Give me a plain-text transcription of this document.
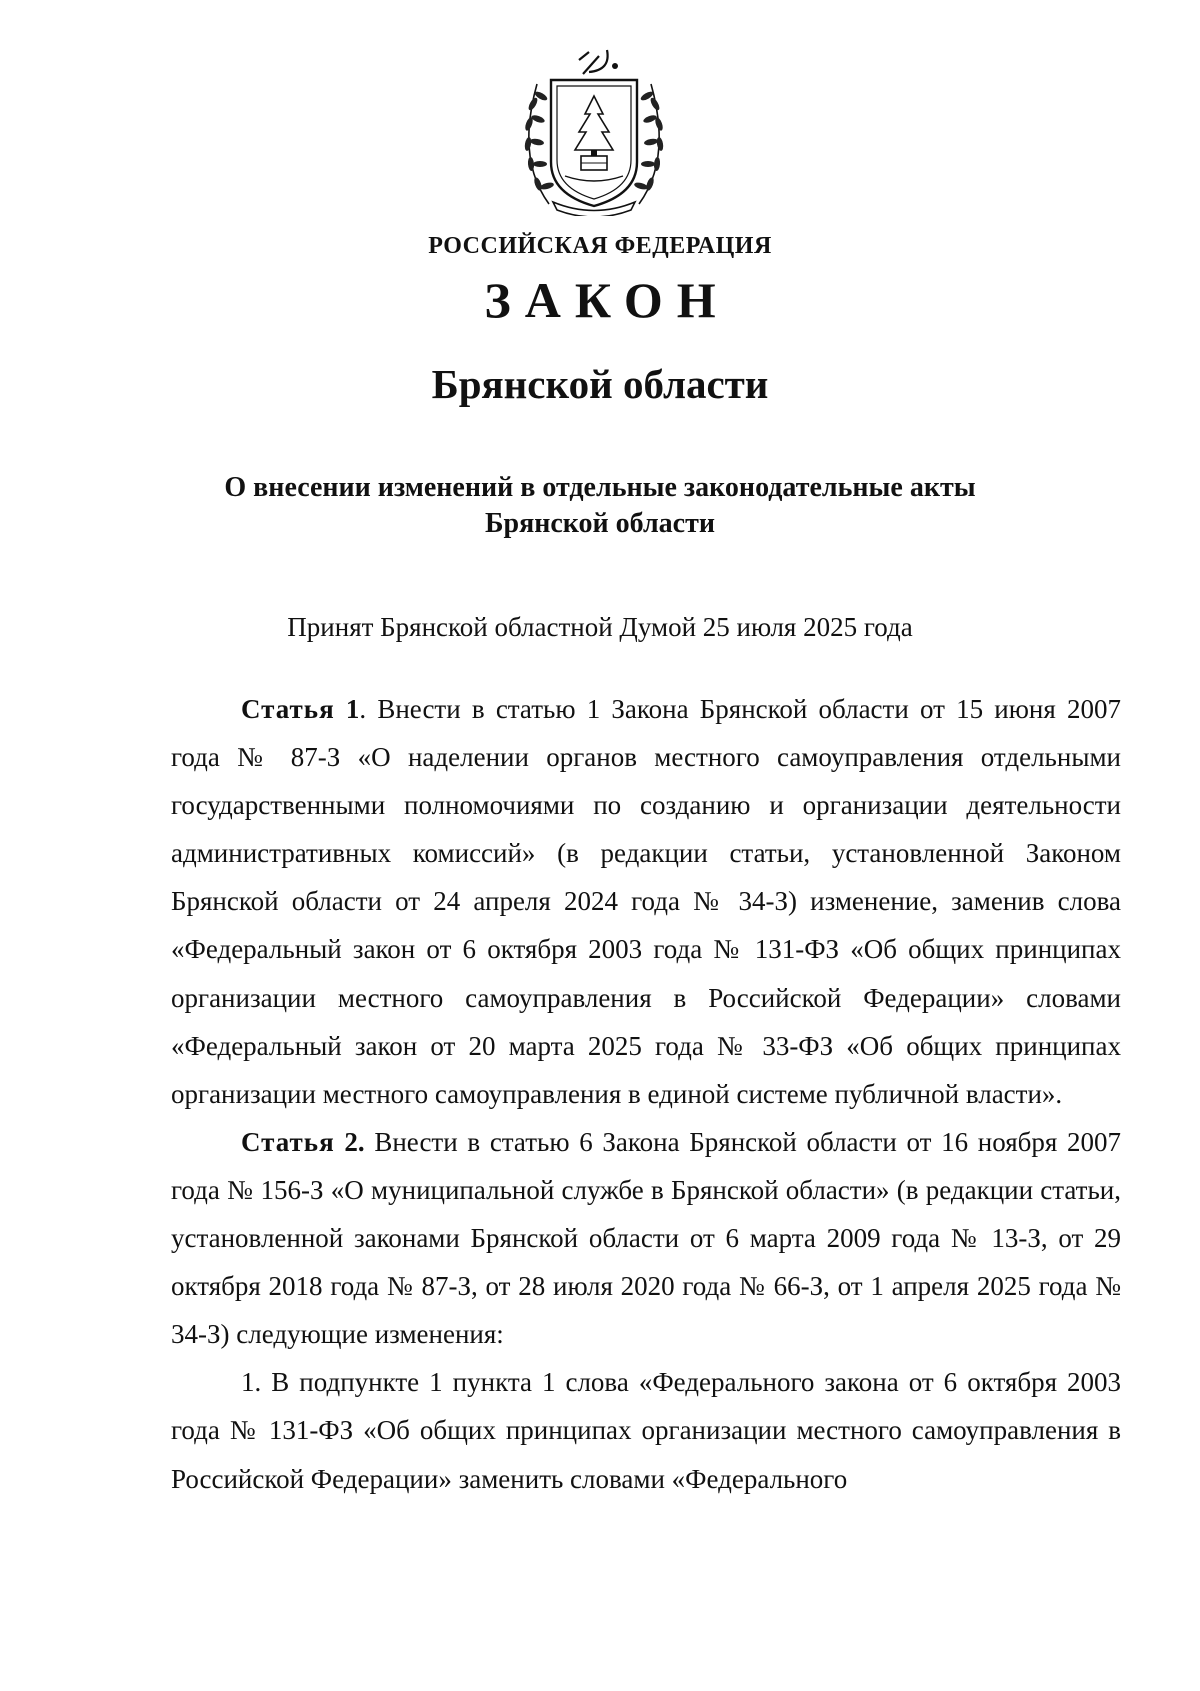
РОССИЙСКАЯ ФЕДЕРАЦИЯ
ЗАКОН
Брянской области
О внесении изменений в отдельные законодательные акты
Брянской области
Принят Брянской областной Думой 25 июля 2025 года

Статья 1. Внести в статью 1 Закона Брянской области от 15 июня 2007 года № 87-З «О наделении органов местного самоуправления отдельными государственными полномочиями по созданию и организации деятельности административных комиссий» (в редакции статьи, установленной Законом Брянской области от 24 апреля 2024 года № 34-З) изменение, заменив слова «Федеральный закон от 6 октября 2003 года № 131-ФЗ «Об общих принципах организации местного самоуправления в Российской Федерации» словами «Федеральный закон от 20 марта 2025 года № 33-ФЗ «Об общих принципах организации местного самоуправления в единой системе публичной власти».

Статья 2. Внести в статью 6 Закона Брянской области от 16 ноября 2007 года № 156-З «О муниципальной службе в Брянской области» (в редакции статьи, установленной законами Брянской области от 6 марта 2009 года № 13-З, от 29 октября 2018 года № 87-З, от 28 июля 2020 года № 66-З, от 1 апреля 2025 года № 34-З) следующие изменения:

1. В подпункте 1 пункта 1 слова «Федерального закона от 6 октября 2003 года № 131-ФЗ «Об общих принципах организации местного самоуправления в Российской Федерации» заменить словами «Федерального
